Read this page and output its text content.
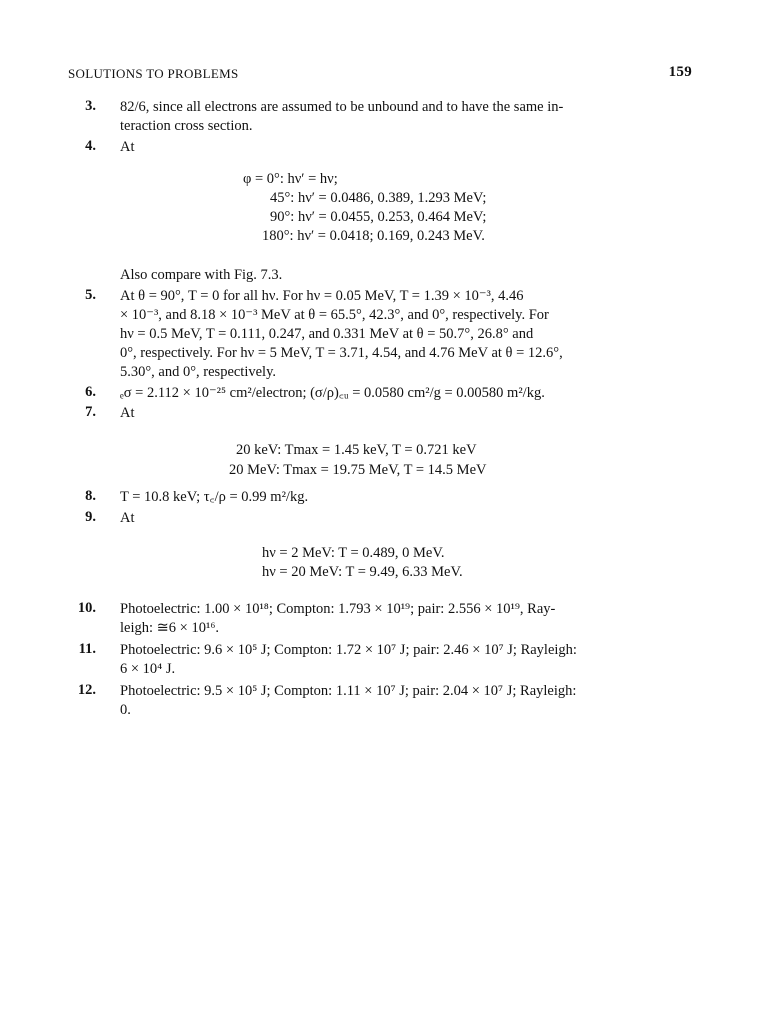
SOLUTIONS TO PROBLEMS	159
3. 82/6, since all electrons are assumed to be unbound and to have the same in-
teraction cross section.
4. At
φ = 0°: hν′ = hν;
45°: hν′ = 0.0486, 0.389, 1.293 MeV;
90°: hν′ = 0.0455, 0.253, 0.464 MeV;
180°: hν′ = 0.0418; 0.169, 0.243 MeV.
Also compare with Fig. 7.3.
5. At θ = 90°, T = 0 for all hν. For hν = 0.05 MeV, T = 1.39 × 10⁻³, 4.46
× 10⁻³, and 8.18 × 10⁻³ MeV at θ = 65.5°, 42.3°, and 0°, respectively. For
hν = 0.5 MeV, T = 0.111, 0.247, and 0.331 MeV at θ = 50.7°, 26.8° and
0°, respectively. For hν = 5 MeV, T = 3.71, 4.54, and 4.76 MeV at θ = 12.6°,
5.30°, and 0°, respectively.
6. ₑσ = 2.112 × 10⁻²⁵ cm²/electron; (σ/ρ)꜀ᵤ = 0.0580 cm²/g = 0.00580 m²/kg.
7. At
20 keV: Tmax = 1.45 keV, T = 0.721 keV
20 MeV: Tmax = 19.75 MeV, T = 14.5 MeV
8. T = 10.8 keV; τ꜀/ρ = 0.99 m²/kg.
9. At
hν = 2 MeV: T = 0.489, 0 MeV.
hν = 20 MeV: T = 9.49, 6.33 MeV.
10. Photoelectric: 1.00 × 10¹⁸; Compton: 1.793 × 10¹⁹; pair: 2.556 × 10¹⁹, Ray-
leigh: ≅6 × 10¹⁶.
11. Photoelectric: 9.6 × 10⁵ J; Compton: 1.72 × 10⁷ J; pair: 2.46 × 10⁷ J; Rayleigh:
6 × 10⁴ J.
12. Photoelectric: 9.5 × 10⁵ J; Compton: 1.11 × 10⁷ J; pair: 2.04 × 10⁷ J; Rayleigh:
0.
